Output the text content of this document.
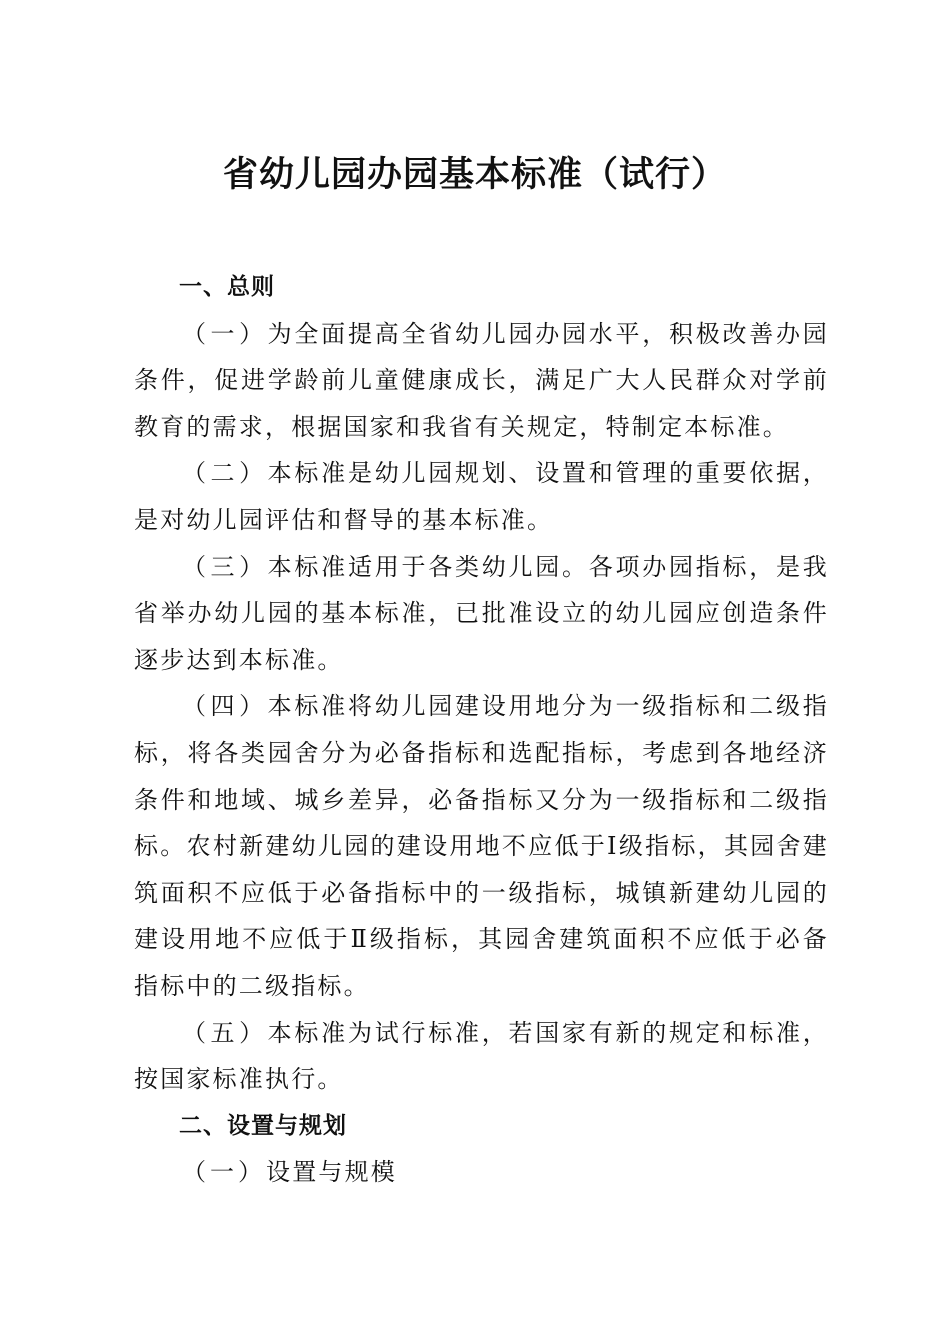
省幼儿园办园基本标准（试行）

一、总则

（一）为全面提高全省幼儿园办园水平，积极改善办园条件，促进学龄前儿童健康成长，满足广大人民群众对学前教育的需求，根据国家和我省有关规定，特制定本标准。

（二）本标准是幼儿园规划、设置和管理的重要依据，是对幼儿园评估和督导的基本标准。

（三）本标准适用于各类幼儿园。各项办园指标，是我省举办幼儿园的基本标准，已批准设立的幼儿园应创造条件逐步达到本标准。

（四）本标准将幼儿园建设用地分为一级指标和二级指标，将各类园舍分为必备指标和选配指标，考虑到各地经济条件和地域、城乡差异，必备指标又分为一级指标和二级指标。农村新建幼儿园的建设用地不应低于Ⅰ级指标，其园舍建筑面积不应低于必备指标中的一级指标，城镇新建幼儿园的建设用地不应低于Ⅱ级指标，其园舍建筑面积不应低于必备指标中的二级指标。

（五）本标准为试行标准，若国家有新的规定和标准，按国家标准执行。

二、设置与规划

（一）设置与规模
